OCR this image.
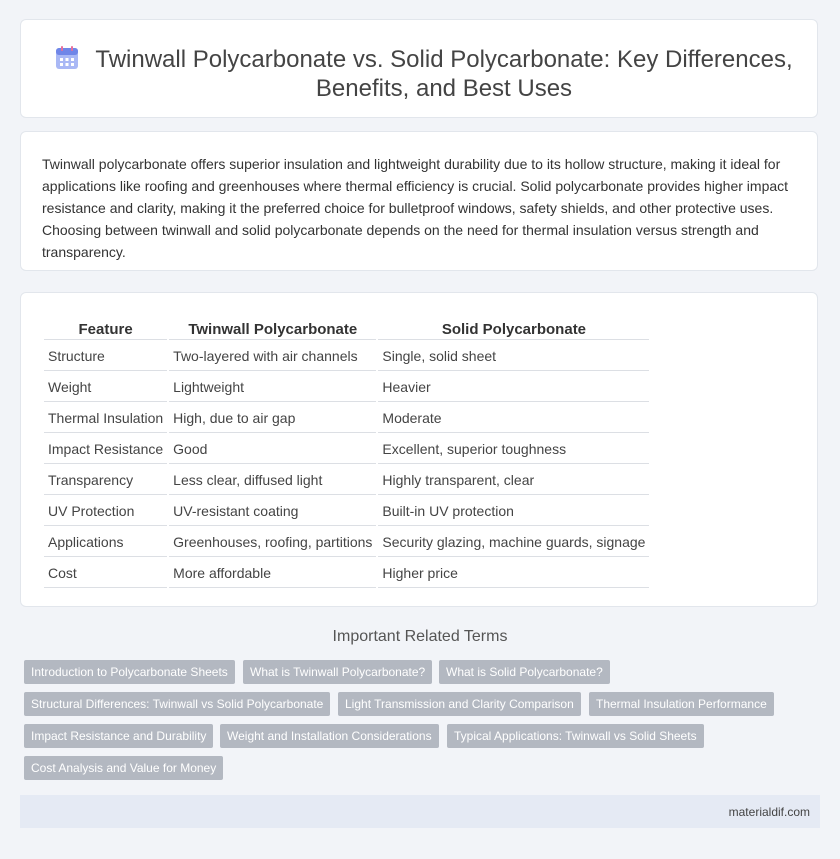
Twinwall Polycarbonate vs. Solid Polycarbonate: Key Differences, Benefits, and Best Uses

Twinwall polycarbonate offers superior insulation and lightweight durability due to its hollow structure, making it ideal for applications like roofing and greenhouses where thermal efficiency is crucial. Solid polycarbonate provides higher impact resistance and clarity, making it the preferred choice for bulletproof windows, safety shields, and other protective uses. Choosing between twinwall and solid polycarbonate depends on the need for thermal insulation versus strength and transparency.

Feature	Twinwall Polycarbonate	Solid Polycarbonate
Structure	Two-layered with air channels	Single, solid sheet
Weight	Lightweight	Heavier
Thermal Insulation	High, due to air gap	Moderate
Impact Resistance	Good	Excellent, superior toughness
Transparency	Less clear, diffused light	Highly transparent, clear
UV Protection	UV-resistant coating	Built-in UV protection
Applications	Greenhouses, roofing, partitions	Security glazing, machine guards, signage
Cost	More affordable	Higher price
Important Related Terms
Introduction to Polycarbonate Sheets	What is Twinwall Polycarbonate?	What is Solid Polycarbonate?
Structural Differences: Twinwall vs Solid Polycarbonate	Light Transmission and Clarity Comparison	Thermal Insulation Performance
Impact Resistance and Durability	Weight and Installation Considerations	Typical Applications: Twinwall vs Solid Sheets
Cost Analysis and Value for Money
materialdif.com
